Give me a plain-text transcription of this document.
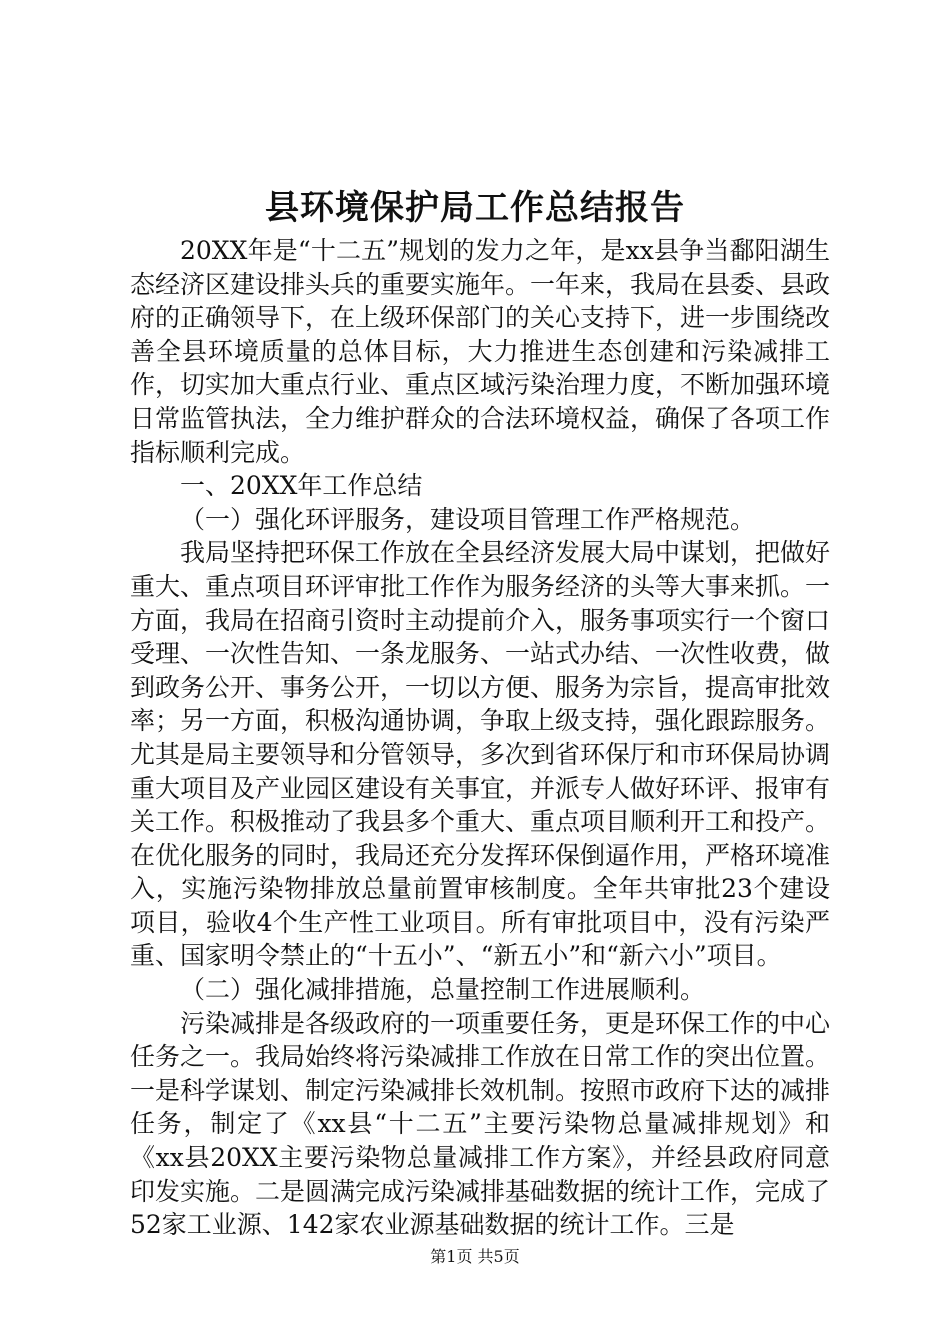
县环境保护局工作总结报告

20XX年是“十二五”规划的发力之年，是xx县争当鄱阳湖生态经济区建设排头兵的重要实施年。一年来，我局在县委、县政府的正确领导下，在上级环保部门的关心支持下，进一步围绕改善全县环境质量的总体目标，大力推进生态创建和污染减排工作，切实加大重点行业、重点区域污染治理力度，不断加强环境日常监管执法，全力维护群众的合法环境权益，确保了各项工作指标顺利完成。

一、20XX年工作总结

（一）强化环评服务，建设项目管理工作严格规范。

我局坚持把环保工作放在全县经济发展大局中谋划，把做好重大、重点项目环评审批工作作为服务经济的头等大事来抓。一方面，我局在招商引资时主动提前介入，服务事项实行一个窗口受理、一次性告知、一条龙服务、一站式办结、一次性收费，做到政务公开、事务公开，一切以方便、服务为宗旨，提高审批效率；另一方面，积极沟通协调，争取上级支持，强化跟踪服务。尤其是局主要领导和分管领导，多次到省环保厅和市环保局协调重大项目及产业园区建设有关事宜，并派专人做好环评、报审有关工作。积极推动了我县多个重大、重点项目顺利开工和投产。在优化服务的同时，我局还充分发挥环保倒逼作用，严格环境准入，实施污染物排放总量前置审核制度。全年共审批23个建设项目，验收4个生产性工业项目。所有审批项目中，没有污染严重、国家明令禁止的“十五小”、“新五小”和“新六小”项目。

（二）强化减排措施，总量控制工作进展顺利。

污染减排是各级政府的一项重要任务，更是环保工作的中心任务之一。我局始终将污染减排工作放在日常工作的突出位置。一是科学谋划、制定污染减排长效机制。按照市政府下达的减排任务，制定了《xx县“十二五”主要污染物总量减排规划》和《xx县20XX主要污染物总量减排工作方案》，并经县政府同意印发实施。二是圆满完成污染减排基础数据的统计工作，完成了52家工业源、142家农业源基础数据的统计工作。三是

第1页 共5页
